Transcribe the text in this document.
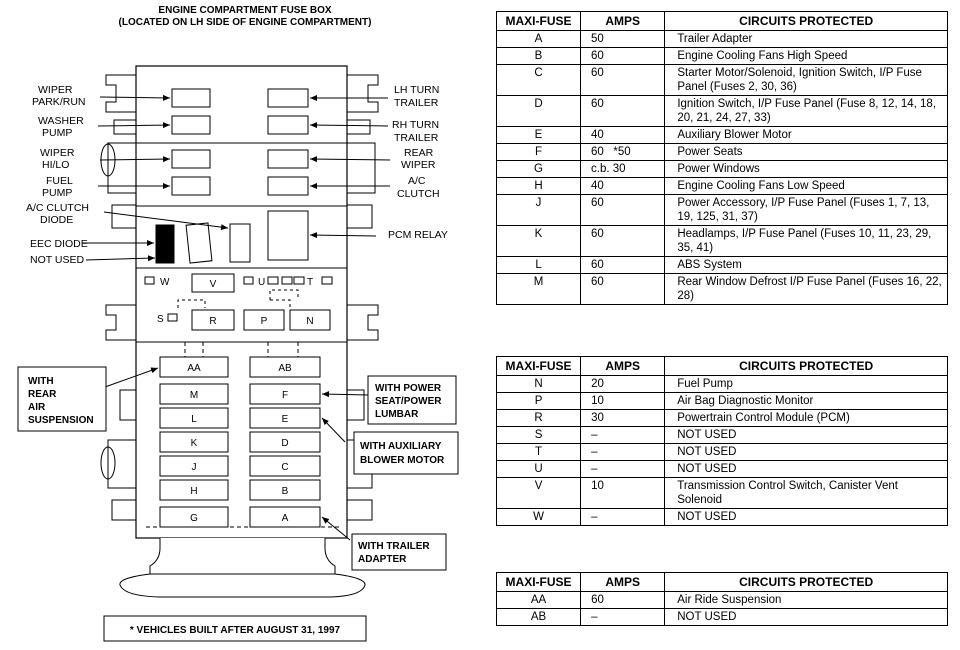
ENGINE COMPARTMENT FUSE BOX
(LOCATED ON LH SIDE OF ENGINE COMPARTMENT)
W	V	U	T
S	R	P	N
AA	AB
M	F
L	E
K	D
J	C
H	B
G	A
WIPER
PARK/RUN
WASHER
PUMP
WIPER
HI/LO
FUEL
PUMP
A/C CLUTCH
DIODE
EEC DIODE
NOT USED
LH TURN
TRAILER
RH TURN
TRAILER
REAR
WIPER
A/C
CLUTCH
PCM RELAY
WITH
REAR
AIR
SUSPENSION
WITH POWER
SEAT/POWER
LUMBAR
WITH AUXILIARY
BLOWER MOTOR
WITH TRAILER
ADAPTER
* VEHICLES BUILT AFTER AUGUST 31, 1997
MAXI-FUSE	AMPS	CIRCUITS PROTECTED
A	50	Trailer Adapter
B	60	Engine Cooling Fans High Speed
C	60	Starter Motor/Solenoid, Ignition Switch, I/P Fuse Panel (Fuses 2, 30, 36)
D	60	Ignition Switch, I/P Fuse Panel (Fuse 8, 12, 14, 18, 20, 21, 24, 27, 33)
E	40	Auxiliary Blower Motor
F	60   *50	Power Seats
G	c.b. 30	Power Windows
H	40	Engine Cooling Fans Low Speed
J	60	Power Accessory, I/P Fuse Panel (Fuses 1, 7, 13, 19, 125, 31, 37)
K	60	Headlamps, I/P Fuse Panel (Fuses 10, 11, 23, 29, 35, 41)
L	60	ABS System
M	60	Rear Window Defrost I/P Fuse Panel (Fuses 16, 22, 28)
MAXI-FUSE	AMPS	CIRCUITS PROTECTED
N	20	Fuel Pump
P	10	Air Bag Diagnostic Monitor
R	30	Powertrain Control Module (PCM)
S	–	NOT USED
T	–	NOT USED
U	–	NOT USED
V	10	Transmission Control Switch, Canister Vent Solenoid
W	–	NOT USED
MAXI-FUSE	AMPS	CIRCUITS PROTECTED
AA	60	Air Ride Suspension
AB	–	NOT USED
